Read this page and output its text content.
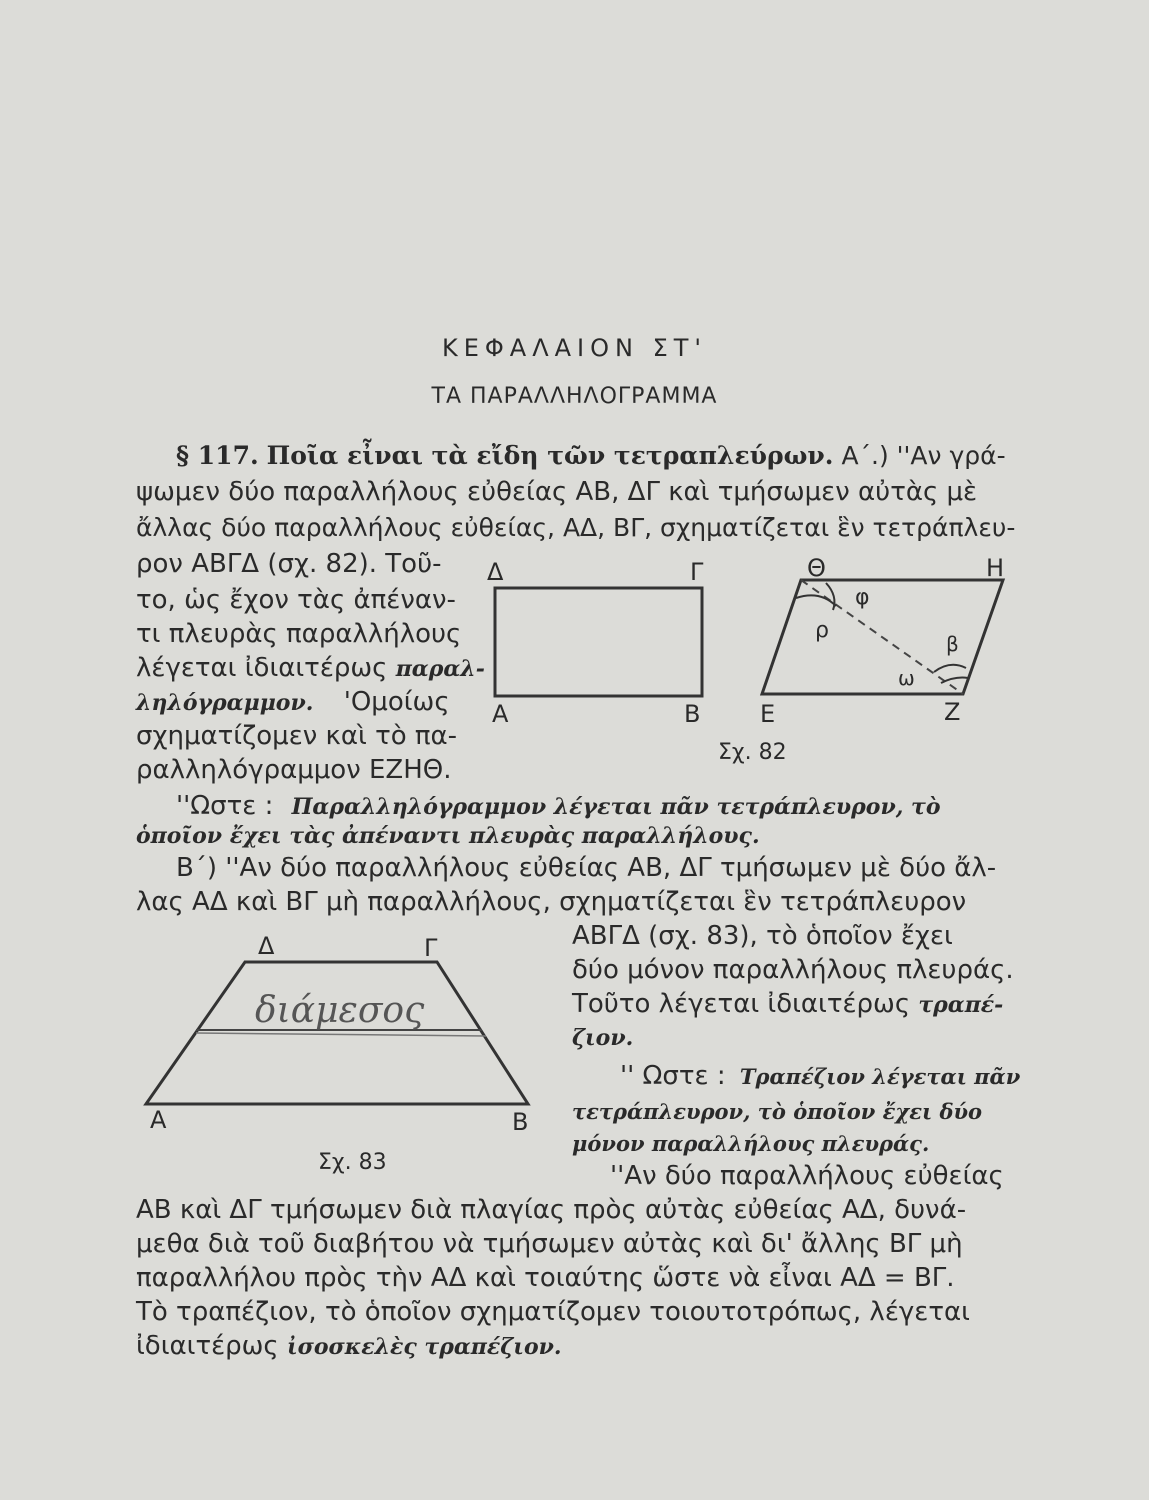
ΚΕΦΑΛΑΙΟΝ ΣΤ'
ΤΑ ΠΑΡΑΛΛΗΛΟΓΡΑΜΜΑ
§ 117. Ποῖα εἶναι τὰ εἴδη τῶν τετραπλεύρων. Α΄.) ''Αν γρά-
ψωμεν δύο παραλλήλους εὐθείας ΑΒ, ΔΓ καὶ τμήσωμεν αὐτὰς μὲ
ἄλλας δύο παραλλήλους εὐθείας, ΑΔ, ΒΓ, σχηματίζεται ἓν τετράπλευ-
ρον ΑΒΓΔ (σχ. 82). Τοῦ-
το, ὡς ἔχον τὰς ἀπέναν-
τι πλευρὰς παραλλήλους
λέγεται ἰδιαιτέρως παραλ-
ληλόγραμμον. 'Ομοίως
σχηματίζομεν καὶ τὸ πα-
ραλληλόγραμμον ΕΖΗΘ.
Δ	Γ
Α	Β
Θ	Η
Ε	Ζ
φ
ρ
β
ω
Σχ. 82
''Ωστε : Παραλληλόγραμμον λέγεται πᾶν τετράπλευρον, τὸ
ὁποῖον ἔχει τὰς ἀπέναντι πλευρὰς παραλλήλους.
Β΄) ''Αν δύο παραλλήλους εὐθείας ΑΒ, ΔΓ τμήσωμεν μὲ δύο ἄλ-
λας ΑΔ καὶ ΒΓ μὴ παραλλήλους, σχηματίζεται ἓν τετράπλευρον
ΑΒΓΔ (σχ. 83), τὸ ὁποῖον ἔχει
δύο μόνον παραλλήλους πλευράς.
Τοῦτο λέγεται ἰδιαιτέρως τραπέ-
ζιον.
'' Ωστε : Τραπέζιον λέγεται πᾶν
τετράπλευρον, τὸ ὁποῖον ἔχει δύο
μόνον παραλλήλους πλευράς.
Δ	Γ
Α	Β
διάμεσος
Σχ. 83	''Αν δύο παραλλήλους εὐθείας
ΑΒ καὶ ΔΓ τμήσωμεν διὰ πλαγίας πρὸς αὐτὰς εὐθείας ΑΔ, δυνά-
μεθα διὰ τοῦ διαβήτου νὰ τμήσωμεν αὐτὰς καὶ δι' ἄλλης ΒΓ μὴ
παραλλήλου πρὸς τὴν ΑΔ καὶ τοιαύτης ὥστε νὰ εἶναι ΑΔ = ΒΓ.
Τὸ τραπέζιον, τὸ ὁποῖον σχηματίζομεν τοιουτοτρόπως, λέγεται
ἰδιαιτέρως ἰσοσκελὲς τραπέζιον.
